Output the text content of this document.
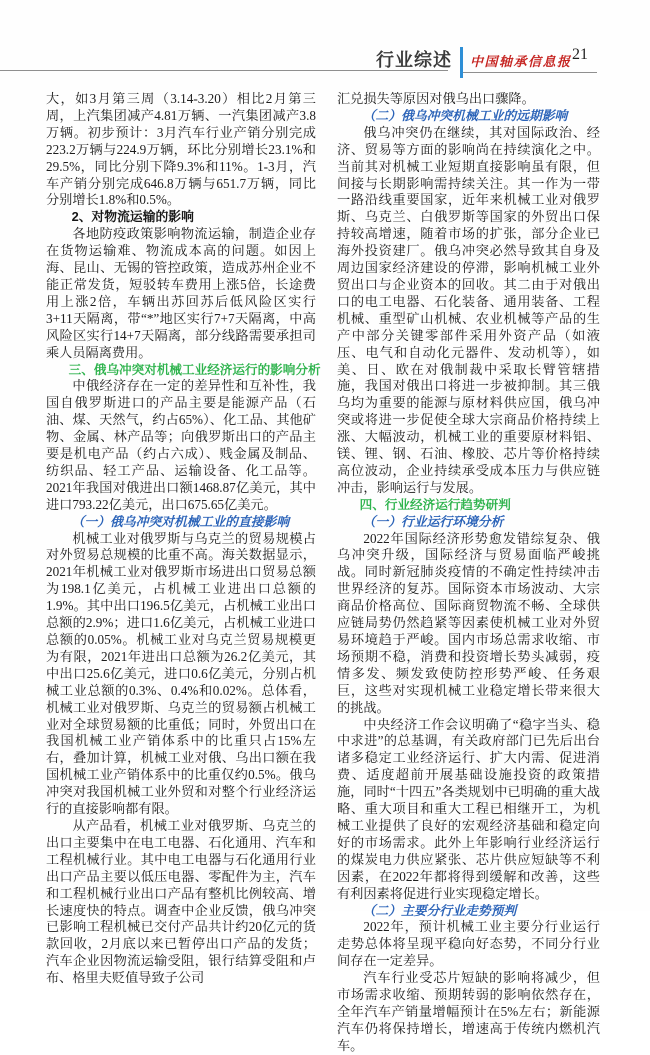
行业综述 中国轴承信息报 21

大，如3月第三周（3.14-3.20）相比2月第三周，上汽集团减产4.81万辆、一汽集团减产3.8万辆。初步预计：3月汽车行业产销分别完成223.2万辆与224.9万辆，环比分别增长23.1%和29.5%，同比分别下降9.3%和11%。1-3月，汽车产销分别完成646.8万辆与651.7万辆，同比分别增长1.8%和0.5%。

2、对物流运输的影响

各地防疫政策影响物流运输，制造企业存在货物运输难、物流成本高的问题。如因上海、昆山、无锡的管控政策，造成苏州企业不能正常发货，短驳转车费用上涨5倍，长途费用上涨2倍，车辆出苏回苏后低风险区实行3+11天隔离，带“*”地区实行7+7天隔离，中高风险区实行14+7天隔离，部分线路需要承担司乘人员隔离费用。

三、俄乌冲突对机械工业经济运行的影响分析

中俄经济存在一定的差异性和互补性，我国自俄罗斯进口的产品主要是能源产品（石油、煤、天然气，约占65%）、化工品、其他矿物、金属、林产品等；向俄罗斯出口的产品主要是机电产品（约占六成）、贱金属及制品、纺织品、轻工产品、运输设备、化工品等。2021年我国对俄进出口额1468.87亿美元，其中进口793.22亿美元，出口675.65亿美元。

（一）俄乌冲突对机械工业的直接影响

机械工业对俄罗斯与乌克兰的贸易规模占对外贸易总规模的比重不高。海关数据显示，2021年机械工业对俄罗斯市场进出口贸易总额为198.1亿美元，占机械工业进出口总额的1.9%。其中出口196.5亿美元，占机械工业出口总额的2.9%；进口1.6亿美元，占机械工业进口总额的0.05%。机械工业对乌克兰贸易规模更为有限，2021年进出口总额为26.2亿美元，其中出口25.6亿美元，进口0.6亿美元，分别占机械工业总额的0.3%、0.4%和0.02%。总体看，机械工业对俄罗斯、乌克兰的贸易额占机械工业对全球贸易额的比重低；同时，外贸出口在我国机械工业产销体系中的比重只占15%左右，叠加计算，机械工业对俄、乌出口额在我国机械工业产销体系中的比重仅约0.5%。俄乌冲突对我国机械工业外贸和对整个行业经济运行的直接影响都有限。

从产品看，机械工业对俄罗斯、乌克兰的出口主要集中在电工电器、石化通用、汽车和工程机械行业。其中电工电器与石化通用行业出口产品主要以低压电器、零配件为主，汽车和工程机械行业出口产品有整机比例较高、增长速度快的特点。调查中企业反馈，俄乌冲突已影响工程机械已交付产品共计约20亿元的货款回收，2月底以来已暂停出口产品的发货；汽车企业因物流运输受阻，银行结算受阻和卢布、格里夫贬值导致子公司

汇兑损失等原因对俄乌出口骤降。

（二）俄乌冲突机械工业的远期影响

俄乌冲突仍在继续，其对国际政治、经济、贸易等方面的影响尚在持续演化之中。当前其对机械工业短期直接影响虽有限，但间接与长期影响需持续关注。其一作为一带一路沿线重要国家，近年来机械工业对俄罗斯、乌克兰、白俄罗斯等国家的外贸出口保持较高增速，随着市场的扩张，部分企业已海外投资建厂。俄乌冲突必然导致其自身及周边国家经济建设的停滞，影响机械工业外贸出口与企业资本的回收。其二由于对俄出口的电工电器、石化装备、通用装备、工程机械、重型矿山机械、农业机械等产品的生产中部分关键零部件采用外资产品（如液压、电气和自动化元器件、发动机等），如美、日、欧在对俄制裁中采取长臂管辖措施，我国对俄出口将进一步被抑制。其三俄乌均为重要的能源与原材料供应国，俄乌冲突或将进一步促使全球大宗商品价格持续上涨、大幅波动，机械工业的重要原材料铝、镁、锂、钢、石油、橡胶、芯片等价格持续高位波动，企业持续承受成本压力与供应链冲击，影响运行与发展。

四、行业经济运行趋势研判

（一）行业运行环境分析

2022年国际经济形势愈发错综复杂、俄乌冲突升级，国际经济与贸易面临严峻挑战。同时新冠肺炎疫情的不确定性持续冲击世界经济的复苏。国际资本市场波动、大宗商品价格高位、国际商贸物流不畅、全球供应链局势仍然趋紧等因素使机械工业对外贸易环境趋于严峻。国内市场总需求收缩、市场预期不稳，消费和投资增长势头减弱，疫情多发、频发致使防控形势严峻、任务艰巨，这些对实现机械工业稳定增长带来很大的挑战。

中央经济工作会议明确了“稳字当头、稳中求进”的总基调，有关政府部门已先后出台诸多稳定工业经济运行、扩大内需、促进消费、适度超前开展基础设施投资的政策措施，同时“十四五”各类规划中已明确的重大战略、重大项目和重大工程已相继开工，为机械工业提供了良好的宏观经济基础和稳定向好的市场需求。此外上年影响行业经济运行的煤炭电力供应紧张、芯片供应短缺等不利因素，在2022年都将得到缓解和改善，这些有利因素将促进行业实现稳定增长。

（二）主要分行业走势预判

2022年，预计机械工业主要分行业运行走势总体将呈现平稳向好态势，不同分行业间存在一定差异。

汽车行业受芯片短缺的影响将减少，但市场需求收缩、预期转弱的影响依然存在，全年汽车产销量增幅预计在5%左右；新能源汽车仍将保持增长，增速高于传统内燃机汽车。
